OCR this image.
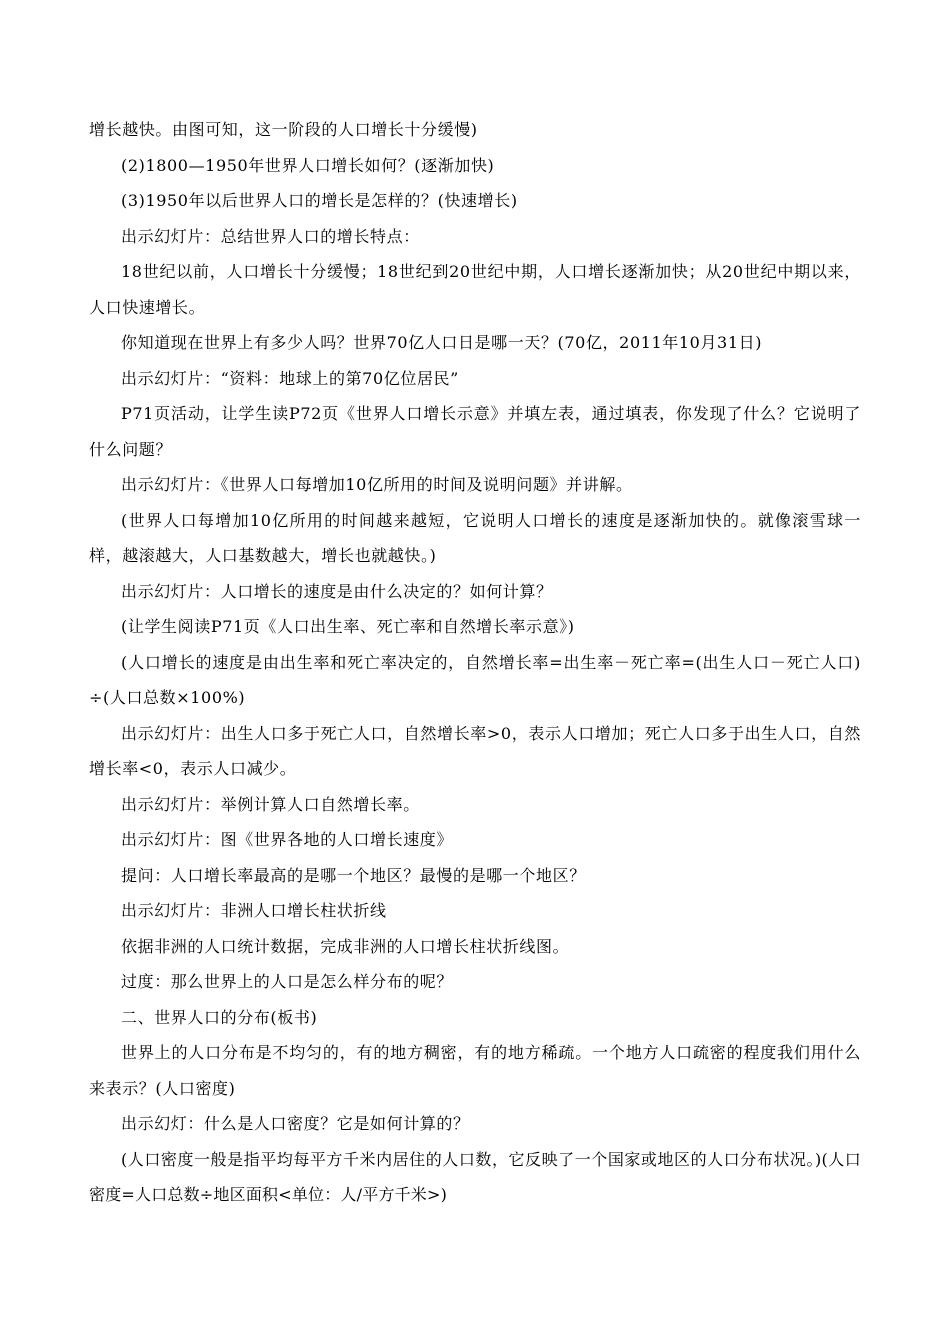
增长越快。由图可知，这一阶段的人口增长十分缓慢)

(2)1800—1950年世界人口增长如何？(逐渐加快)

(3)1950年以后世界人口的增长是怎样的？(快速增长)

出示幻灯片：总结世界人口的增长特点：

18世纪以前，人口增长十分缓慢；18世纪到20世纪中期，人口增长逐渐加快；从20世纪中期以来，人口快速增长。

你知道现在世界上有多少人吗？世界70亿人口日是哪一天？(70亿，2011年10月31日)

出示幻灯片：“资料：地球上的第70亿位居民”

P71页活动，让学生读P72页《世界人口增长示意》并填左表，通过填表，你发现了什么？它说明了什么问题？

出示幻灯片：《世界人口每增加10亿所用的时间及说明问题》并讲解。

(世界人口每增加10亿所用的时间越来越短，它说明人口增长的速度是逐渐加快的。就像滚雪球一样，越滚越大，人口基数越大，增长也就越快。)

出示幻灯片：人口增长的速度是由什么决定的？如何计算？

(让学生阅读P71页《人口出生率、死亡率和自然增长率示意》)

(人口增长的速度是由出生率和死亡率决定的，自然增长率=出生率－死亡率=(出生人口－死亡人口)÷(人口总数×100%)

出示幻灯片：出生人口多于死亡人口，自然增长率>0，表示人口增加；死亡人口多于出生人口，自然增长率<0，表示人口减少。

出示幻灯片：举例计算人口自然增长率。

出示幻灯片：图《世界各地的人口增长速度》

提问：人口增长率最高的是哪一个地区？最慢的是哪一个地区？

出示幻灯片：非洲人口增长柱状折线

依据非洲的人口统计数据，完成非洲的人口增长柱状折线图。

过度：那么世界上的人口是怎么样分布的呢？

二、世界人口的分布(板书)

世界上的人口分布是不均匀的，有的地方稠密，有的地方稀疏。一个地方人口疏密的程度我们用什么来表示？(人口密度)

出示幻灯：什么是人口密度？它是如何计算的？

(人口密度一般是指平均每平方千米内居住的人口数，它反映了一个国家或地区的人口分布状况。)(人口密度=人口总数÷地区面积<单位：人/平方千米>)
